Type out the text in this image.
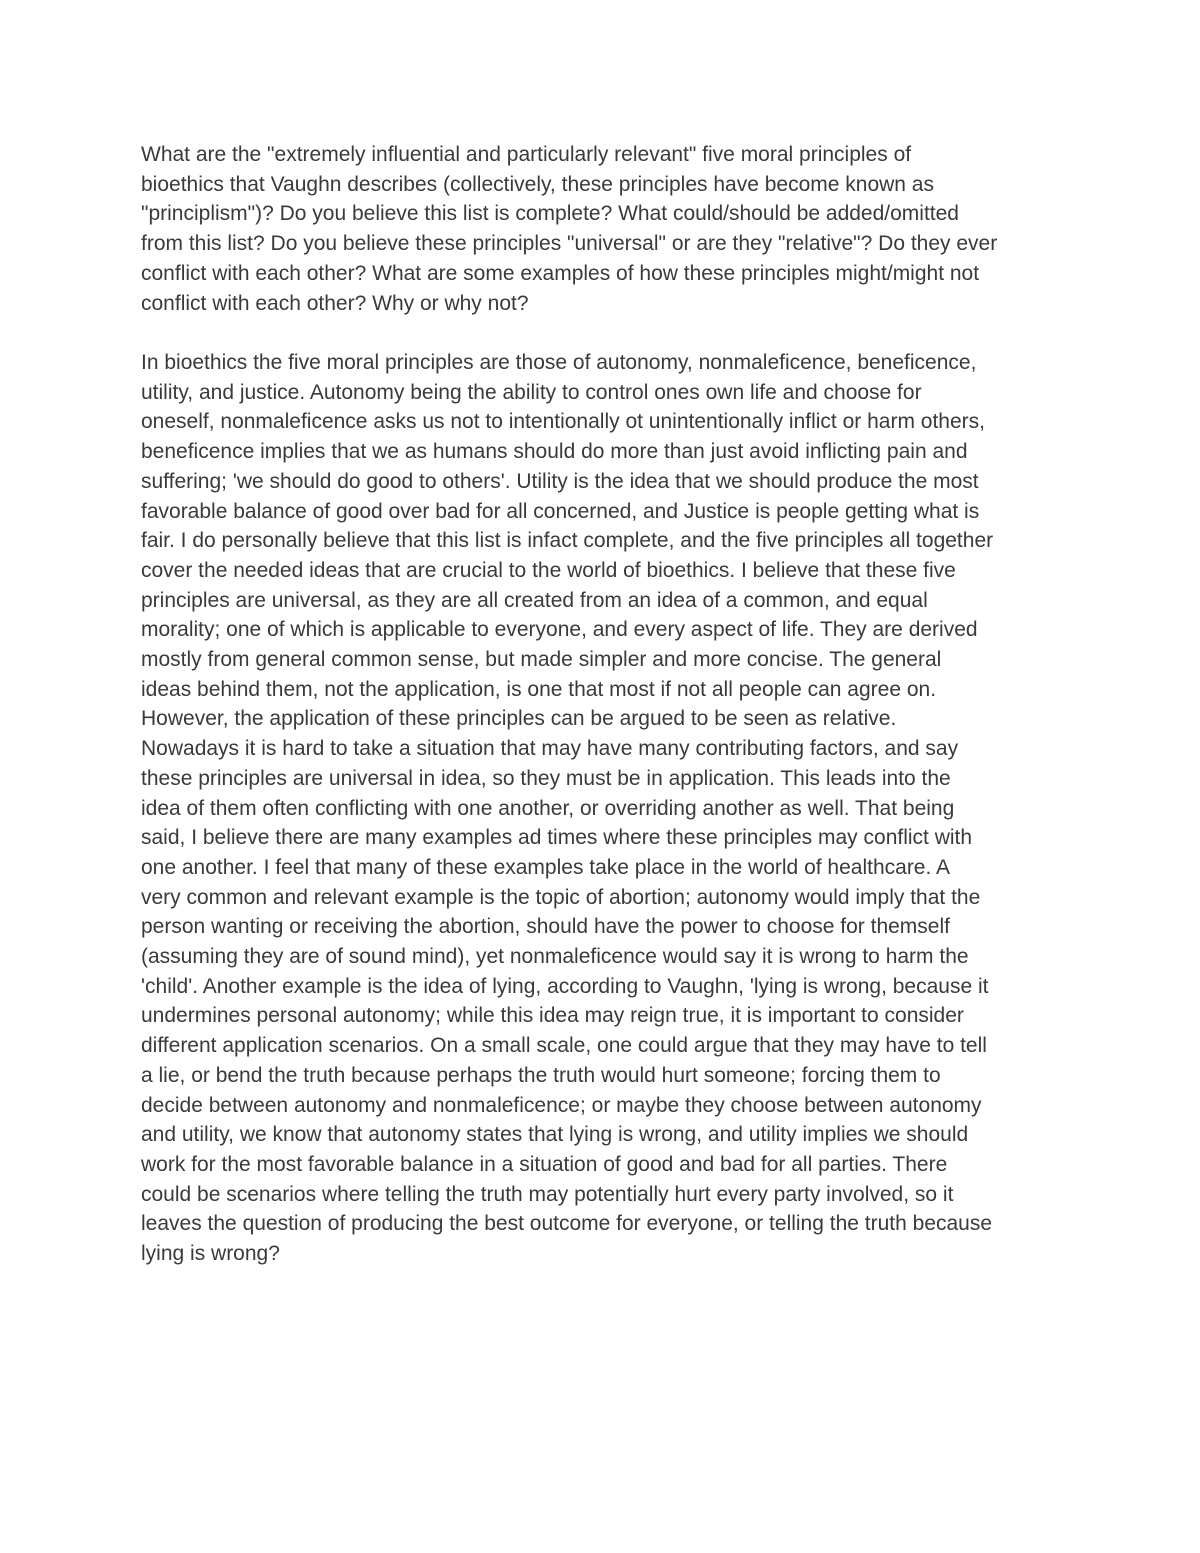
What are the "extremely influential and particularly relevant" five moral principles of
bioethics that Vaughn describes (collectively, these principles have become known as
"principlism")? Do you believe this list is complete? What could/should be added/omitted
from this list? Do you believe these principles "universal" or are they "relative"? Do they ever
conflict with each other? What are some examples of how these principles might/might not
conflict with each other? Why or why not?

In bioethics the five moral principles are those of autonomy, nonmaleficence, beneficence,
utility, and justice. Autonomy being the ability to control ones own life and choose for
oneself, nonmaleficence asks us not to intentionally ot unintentionally inflict or harm others,
beneficence implies that we as humans should do more than just avoid inflicting pain and
suffering; 'we should do good to others'. Utility is the idea that we should produce the most
favorable balance of good over bad for all concerned, and Justice is people getting what is
fair. I do personally believe that this list is infact complete, and the five principles all together
cover the needed ideas that are crucial to the world of bioethics. I believe that these five
principles are universal, as they are all created from an idea of a common, and equal
morality; one of which is applicable to everyone, and every aspect of life. They are derived
mostly from general common sense, but made simpler and more concise. The general
ideas behind them, not the application, is one that most if not all people can agree on.
However, the application of these principles can be argued to be seen as relative.
Nowadays it is hard to take a situation that may have many contributing factors, and say
these principles are universal in idea, so they must be in application. This leads into the
idea of them often conflicting with one another, or overriding another as well. That being
said, I believe there are many examples ad times where these principles may conflict with
one another. I feel that many of these examples take place in the world of healthcare. A
very common and relevant example is the topic of abortion; autonomy would imply that the
person wanting or receiving the abortion, should have the power to choose for themself
(assuming they are of sound mind), yet nonmaleficence would say it is wrong to harm the
'child'. Another example is the idea of lying, according to Vaughn, 'lying is wrong, because it
undermines personal autonomy; while this idea may reign true, it is important to consider
different application scenarios. On a small scale, one could argue that they may have to tell
a lie, or bend the truth because perhaps the truth would hurt someone; forcing them to
decide between autonomy and nonmaleficence; or maybe they choose between autonomy
and utility, we know that autonomy states that lying is wrong, and utility implies we should
work for the most favorable balance in a situation of good and bad for all parties. There
could be scenarios where telling the truth may potentially hurt every party involved, so it
leaves the question of producing the best outcome for everyone, or telling the truth because
lying is wrong?
